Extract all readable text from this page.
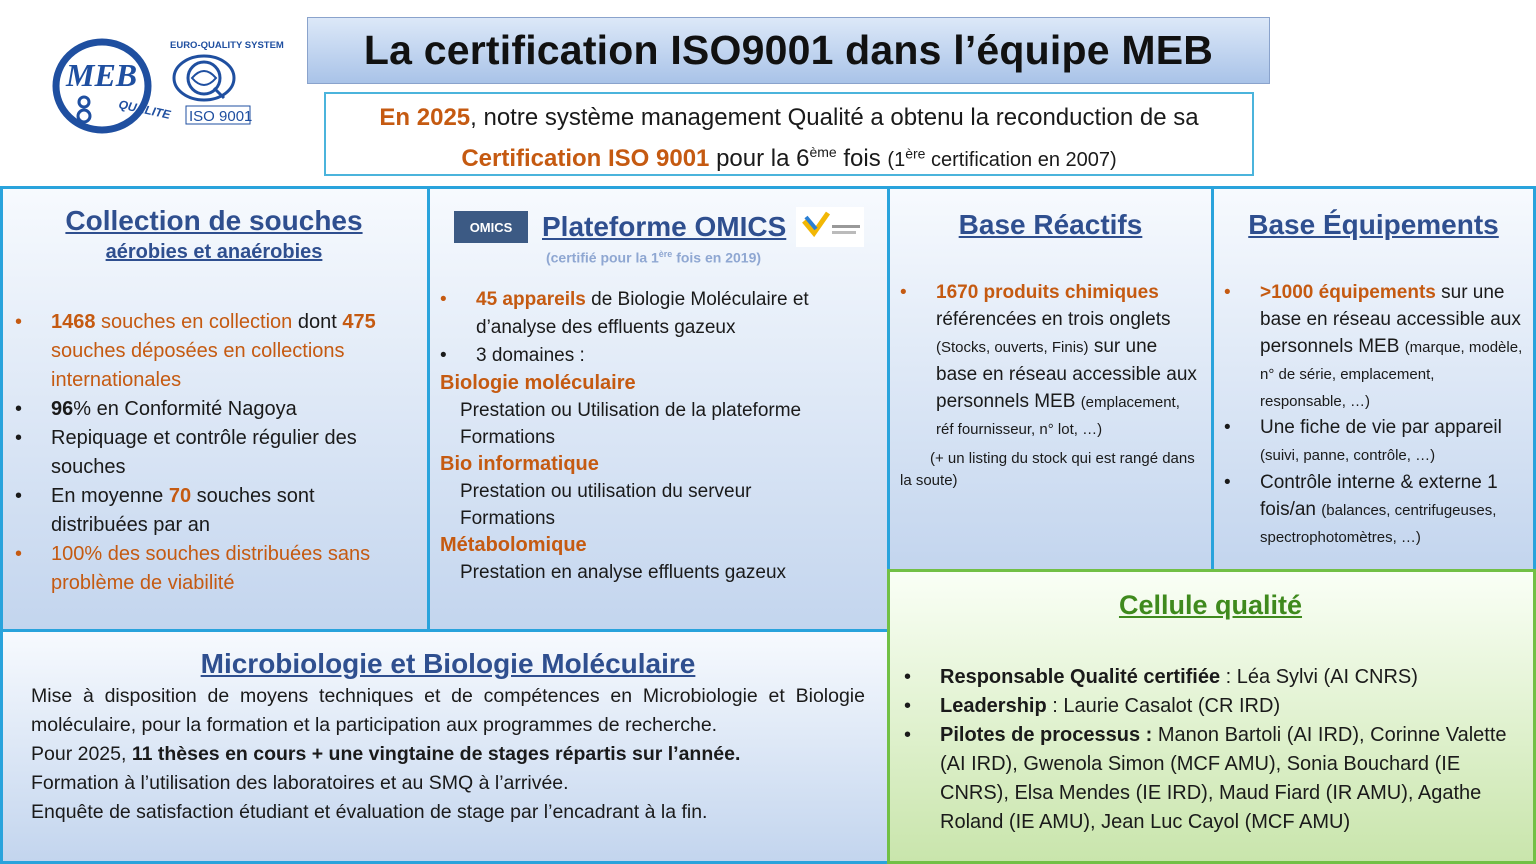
MEB
QUALITE
EURO-QUALITY SYSTEM
ISO 9001
La certification ISO9001 dans l’équipe MEB
En 2025, notre système management Qualité a obtenu la reconduction de sa
Certification ISO 9001 pour la 6ème fois (1ère certification en 2007)
Collection de souches
aérobies et anaérobies
• 1468 souches en collection dont 475 souches déposées en collections internationales
• 96% en Conformité Nagoya
• Repiquage et contrôle régulier des souches
• En moyenne 70 souches sont distribuées par an
• 100% des souches distribuées sans problème de viabilité
OMICS Plateforme OMICS
(certifié pour la 1ère fois en 2019)
• 45 appareils de Biologie Moléculaire et d’analyse des effluents gazeux
• 3 domaines :
Biologie moléculaire
Prestation ou Utilisation de la plateforme
Formations
Bio informatique
Prestation ou utilisation du serveur
Formations
Métabolomique
Prestation en analyse effluents gazeux
Base Réactifs
• 1670 produits chimiques référencées en trois onglets (Stocks, ouverts, Finis) sur une base en réseau accessible aux personnels MEB (emplacement, réf fournisseur, n° lot, …)
(+ un listing du stock qui est rangé dans la soute)
Base Équipements
• >1000 équipements sur une base en réseau accessible aux personnels MEB (marque, modèle, n° de série, emplacement, responsable, …)
• Une fiche de vie par appareil (suivi, panne, contrôle, …)
• Contrôle interne & externe 1 fois/an (balances, centrifugeuses, spectrophotomètres, …)
Microbiologie et Biologie Moléculaire
Mise à disposition de moyens techniques et de compétences en Microbiologie et Biologie moléculaire, pour la formation et la participation aux programmes de recherche.
Pour 2025, 11 thèses en cours + une vingtaine de stages répartis sur l’année.
Formation à l’utilisation des laboratoires et au SMQ à l’arrivée.
Enquête de satisfaction étudiant et évaluation de stage par l’encadrant à la fin.
Cellule qualité
• Responsable Qualité certifiée : Léa Sylvi (AI CNRS)
• Leadership : Laurie Casalot (CR IRD)
• Pilotes de processus : Manon Bartoli (AI IRD), Corinne Valette (AI IRD), Gwenola Simon (MCF AMU), Sonia Bouchard (IE CNRS), Elsa Mendes (IE IRD), Maud Fiard (IR AMU), Agathe Roland (IE AMU), Jean Luc Cayol (MCF AMU)
